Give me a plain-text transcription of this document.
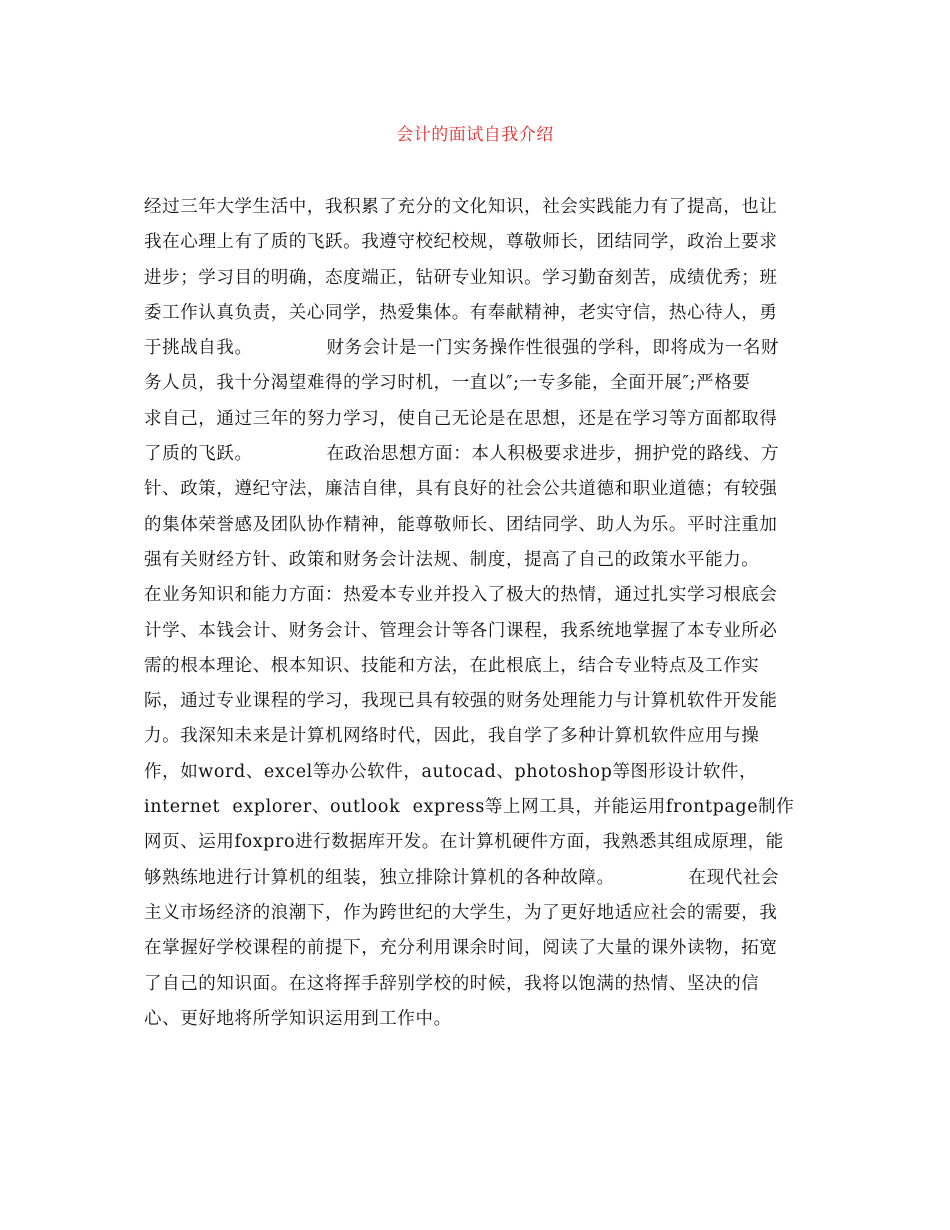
会计的面试自我介绍
经过三年大学生活中，我积累了充分的文化知识，社会实践能力有了提高，也让
我在心理上有了质的飞跃。我遵守校纪校规，尊敬师长，团结同学，政治上要求
进步；学习目的明确，态度端正，钻研专业知识。学习勤奋刻苦，成绩优秀；班
委工作认真负责，关心同学，热爱集体。有奉献精神，老实守信，热心待人，勇
于挑战自我。            财务会计是一门实务操作性很强的学科，即将成为一名财
务人员，我十分渴望难得的学习时机，一直以″;一专多能，全面开展″;严格要
求自己，通过三年的努力学习，使自己无论是在思想，还是在学习等方面都取得
了质的飞跃。            在政治思想方面：本人积极要求进步，拥护党的路线、方
针、政策，遵纪守法，廉洁自律，具有良好的社会公共道德和职业道德；有较强
的集体荣誉感及团队协作精神，能尊敬师长、团结同学、助人为乐。平时注重加
强有关财经方针、政策和财务会计法规、制度，提高了自己的政策水平能力。
在业务知识和能力方面：热爱本专业并投入了极大的热情，通过扎实学习根底会
计学、本钱会计、财务会计、管理会计等各门课程，我系统地掌握了本专业所必
需的根本理论、根本知识、技能和方法，在此根底上，结合专业特点及工作实
际，通过专业课程的学习，我现已具有较强的财务处理能力与计算机软件开发能
力。我深知未来是计算机网络时代，因此，我自学了多种计算机软件应用与操
作，如word、excel等办公软件，autocad、photoshop等图形设计软件，
internet  explorer、outlook  express等上网工具，并能运用frontpage制作
网页、运用foxpro进行数据库开发。在计算机硬件方面，我熟悉其组成原理，能
够熟练地进行计算机的组装，独立排除计算机的各种故障。            在现代社会
主义市场经济的浪潮下，作为跨世纪的大学生，为了更好地适应社会的需要，我
在掌握好学校课程的前提下，充分利用课余时间，阅读了大量的课外读物，拓宽
了自己的知识面。在这将挥手辞别学校的时候，我将以饱满的热情、坚决的信
心、更好地将所学知识运用到工作中。
